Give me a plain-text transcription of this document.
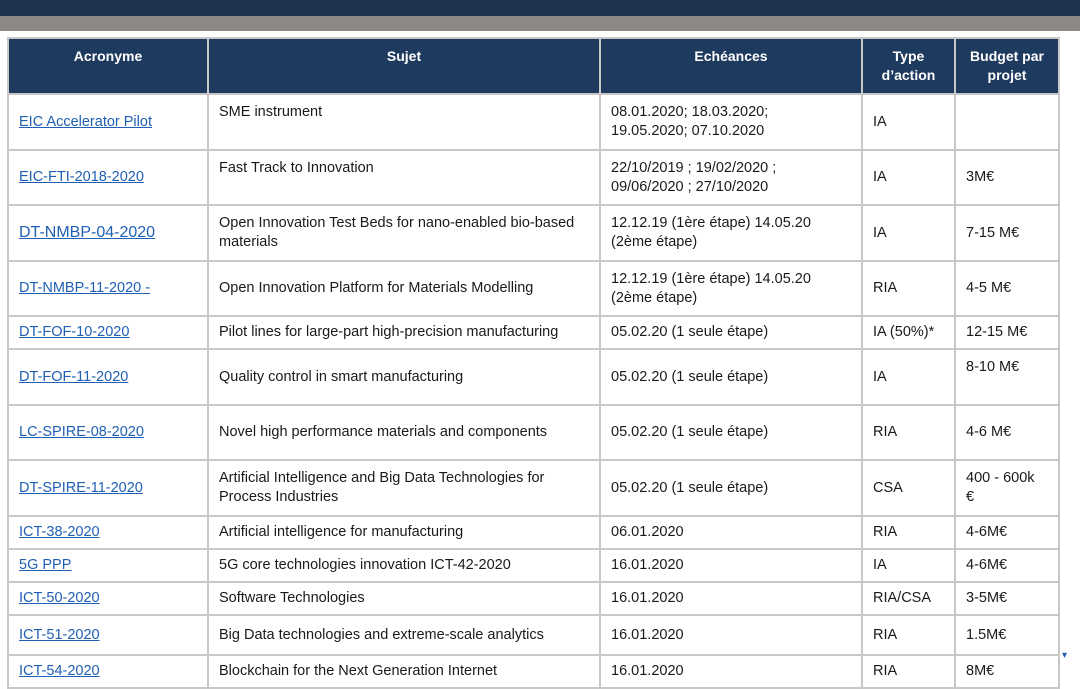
Acronyme	Sujet	Echéances	Type
d’action	Budget par
projet
EIC Accelerator Pilot	SME instrument	08.01.2020; 18.03.2020;
19.05.2020; 07.10.2020	IA	
EIC-FTI-2018-2020	Fast Track to Innovation	22/10/2019 ; 19/02/2020 ;
09/06/2020 ; 27/10/2020	IA	3M€
DT-NMBP-04-2020	Open Innovation Test Beds for nano-enabled bio-based
materials	12.12.19 (1ère étape) 14.05.20
(2ème étape)	IA	7-15 M€
DT-NMBP-11-2020 -	Open Innovation Platform for Materials Modelling	12.12.19 (1ère étape) 14.05.20
(2ème étape)	RIA	4-5 M€
DT-FOF-10-2020	Pilot lines for large-part high-precision manufacturing	05.02.20 (1 seule étape)	IA (50%)*	12-15 M€
DT-FOF-11-2020	Quality control in smart manufacturing	05.02.20 (1 seule étape)	IA	8-10 M€
LC-SPIRE-08-2020	Novel high performance materials and components	05.02.20 (1 seule étape)	RIA	4-6 M€
DT-SPIRE-11-2020	Artificial Intelligence and Big Data Technologies for
Process Industries	05.02.20 (1 seule étape)	CSA	400 - 600k
€
ICT-38-2020	Artificial intelligence for manufacturing	06.01.2020	RIA	4-6M€
5G PPP	5G core technologies innovation ICT-42-2020	16.01.2020	IA	4-6M€
ICT-50-2020	Software Technologies	16.01.2020	RIA/CSA	3-5M€
ICT-51-2020	Big Data technologies and extreme-scale analytics	16.01.2020	RIA	1.5M€
ICT-54-2020	Blockchain for the Next Generation Internet	16.01.2020	RIA	8M€
▾
